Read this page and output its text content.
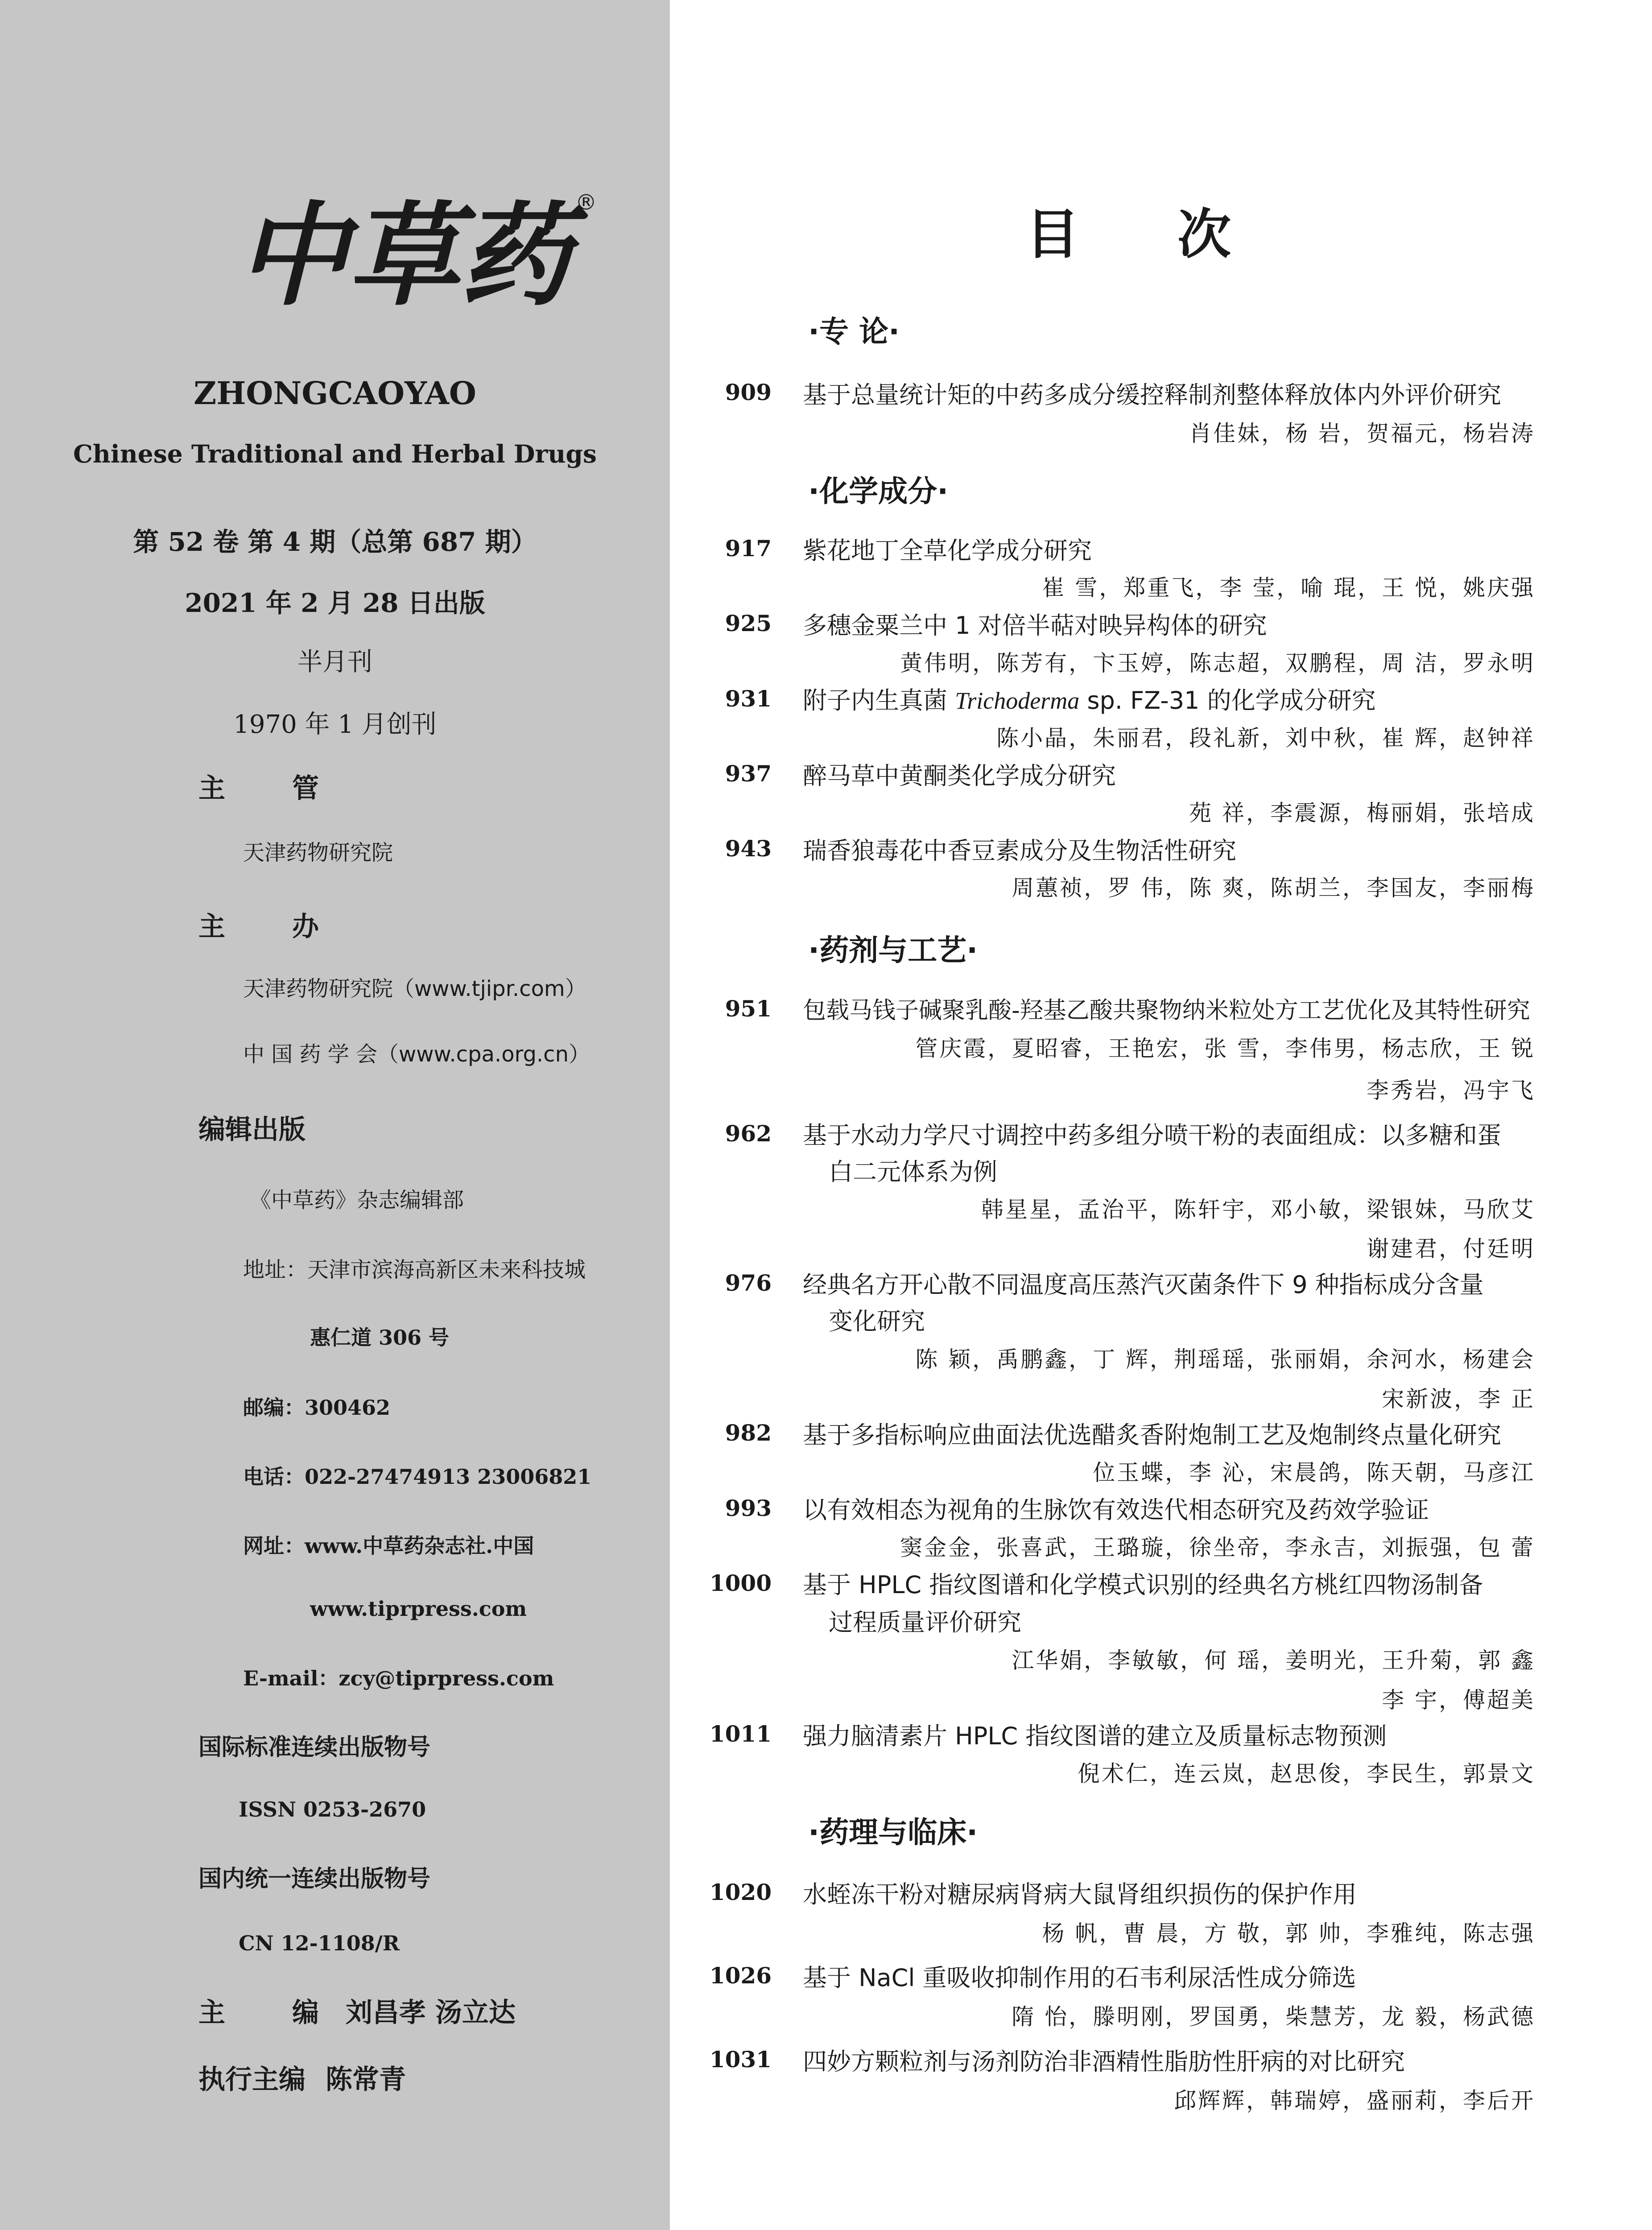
中草药 ®
ZHONGCAOYAO
Chinese Traditional and Herbal Drugs
第 52 卷 第 4 期（总第 687 期）
2021 年 2 月 28 日出版
半月刊
1970 年 1 月创刊
主	管
天津药物研究院
主	办
天津药物研究院（www.tjipr.com）
中 国 药 学 会（www.cpa.org.cn）
编辑出版
《中草药》杂志编辑部
地址：天津市滨海高新区未来科技城
惠仁道 306 号
邮编：300462
电话：022-27474913 23006821
网址：www.中草药杂志社.中国
www.tiprpress.com
E-mail：zcy@tiprpress.com
国际标准连续出版物号
ISSN 0253-2670
国内统一连续出版物号
CN 12-1108/R
主	编 刘昌孝 汤立达
执行主编 陈常青
目 次
·专 论·
909 基于总量统计矩的中药多成分缓控释制剂整体释放体内外评价研究
肖佳妹，杨 岩，贺福元，杨岩涛
·化学成分·
917 紫花地丁全草化学成分研究
崔 雪，郑重飞，李 莹，喻 琨，王 悦，姚庆强
925 多穗金粟兰中 1 对倍半萜对映异构体的研究
黄伟明，陈芳有，卞玉婷，陈志超，双鹏程，周 洁，罗永明
931 附子内生真菌 Trichoderma sp. FZ-31 的化学成分研究
陈小晶，朱丽君，段礼新，刘中秋，崔 辉，赵钟祥
937 醉马草中黄酮类化学成分研究
苑 祥，李震源，梅丽娟，张培成
943 瑞香狼毒花中香豆素成分及生物活性研究
周蕙祯，罗 伟，陈 爽，陈胡兰，李国友，李丽梅
·药剂与工艺·
951 包载马钱子碱聚乳酸-羟基乙酸共聚物纳米粒处方工艺优化及其特性研究
管庆霞，夏昭睿，王艳宏，张 雪，李伟男，杨志欣，王 锐
李秀岩，冯宇飞
962 基于水动力学尺寸调控中药多组分喷干粉的表面组成：以多糖和蛋
白二元体系为例
韩星星，孟治平，陈轩宇，邓小敏，梁银妹，马欣艾
谢建君，付廷明
976 经典名方开心散不同温度高压蒸汽灭菌条件下 9 种指标成分含量
变化研究
陈 颖，禹鹏鑫，丁 辉，荆瑶瑶，张丽娟，余河水，杨建会
宋新波，李 正
982 基于多指标响应曲面法优选醋炙香附炮制工艺及炮制终点量化研究
位玉蝶，李 沁，宋晨鸽，陈天朝，马彦江
993 以有效相态为视角的生脉饮有效迭代相态研究及药效学验证
窦金金，张喜武，王璐璇，徐坐帝，李永吉，刘振强，包 蕾
1000 基于 HPLC 指纹图谱和化学模式识别的经典名方桃红四物汤制备
过程质量评价研究
江华娟，李敏敏，何 瑶，姜明光，王升菊，郭 鑫
李 宇，傅超美
1011 强力脑清素片 HPLC 指纹图谱的建立及质量标志物预测
倪术仁，连云岚，赵思俊，李民生，郭景文
·药理与临床·
1020 水蛭冻干粉对糖尿病肾病大鼠肾组织损伤的保护作用
杨 帆，曹 晨，方 敬，郭 帅，李雅纯，陈志强
1026 基于 NaCl 重吸收抑制作用的石韦利尿活性成分筛选
隋 怡，滕明刚，罗国勇，柴慧芳，龙 毅，杨武德
1031 四妙方颗粒剂与汤剂防治非酒精性脂肪性肝病的对比研究
邱辉辉，韩瑞婷，盛丽莉，李后开
